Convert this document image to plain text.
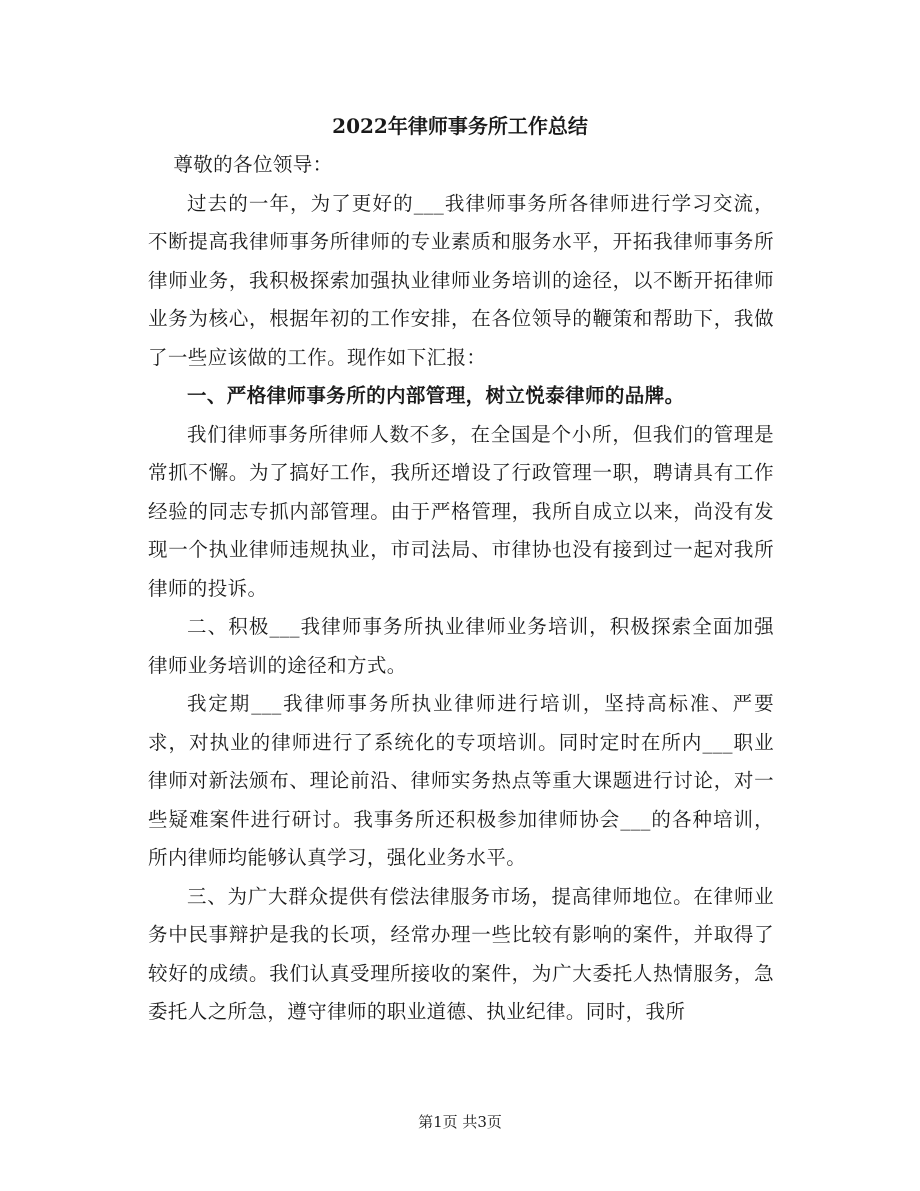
2022年律师事务所工作总结

尊敬的各位领导：

过去的一年，为了更好的___我律师事务所各律师进行学习交流，不断提高我律师事务所律师的专业素质和服务水平，开拓我律师事务所律师业务，我积极探索加强执业律师业务培训的途径，以不断开拓律师业务为核心，根据年初的工作安排，在各位领导的鞭策和帮助下，我做了一些应该做的工作。现作如下汇报：

一、严格律师事务所的内部管理，树立悦泰律师的品牌。

我们律师事务所律师人数不多，在全国是个小所，但我们的管理是常抓不懈。为了搞好工作，我所还增设了行政管理一职，聘请具有工作经验的同志专抓内部管理。由于严格管理，我所自成立以来，尚没有发现一个执业律师违规执业，市司法局、市律协也没有接到过一起对我所律师的投诉。

二、积极___我律师事务所执业律师业务培训，积极探索全面加强律师业务培训的途径和方式。

我定期___我律师事务所执业律师进行培训，坚持高标准、严要求，对执业的律师进行了系统化的专项培训。同时定时在所内___职业律师对新法颁布、理论前沿、律师实务热点等重大课题进行讨论，对一些疑难案件进行研讨。我事务所还积极参加律师协会___的各种培训，所内律师均能够认真学习，强化业务水平。

三、为广大群众提供有偿法律服务市场，提高律师地位。在律师业务中民事辩护是我的长项，经常办理一些比较有影响的案件，并取得了较好的成绩。我们认真受理所接收的案件，为广大委托人热情服务，急委托人之所急，遵守律师的职业道德、执业纪律。同时，我所

第1页 共3页
